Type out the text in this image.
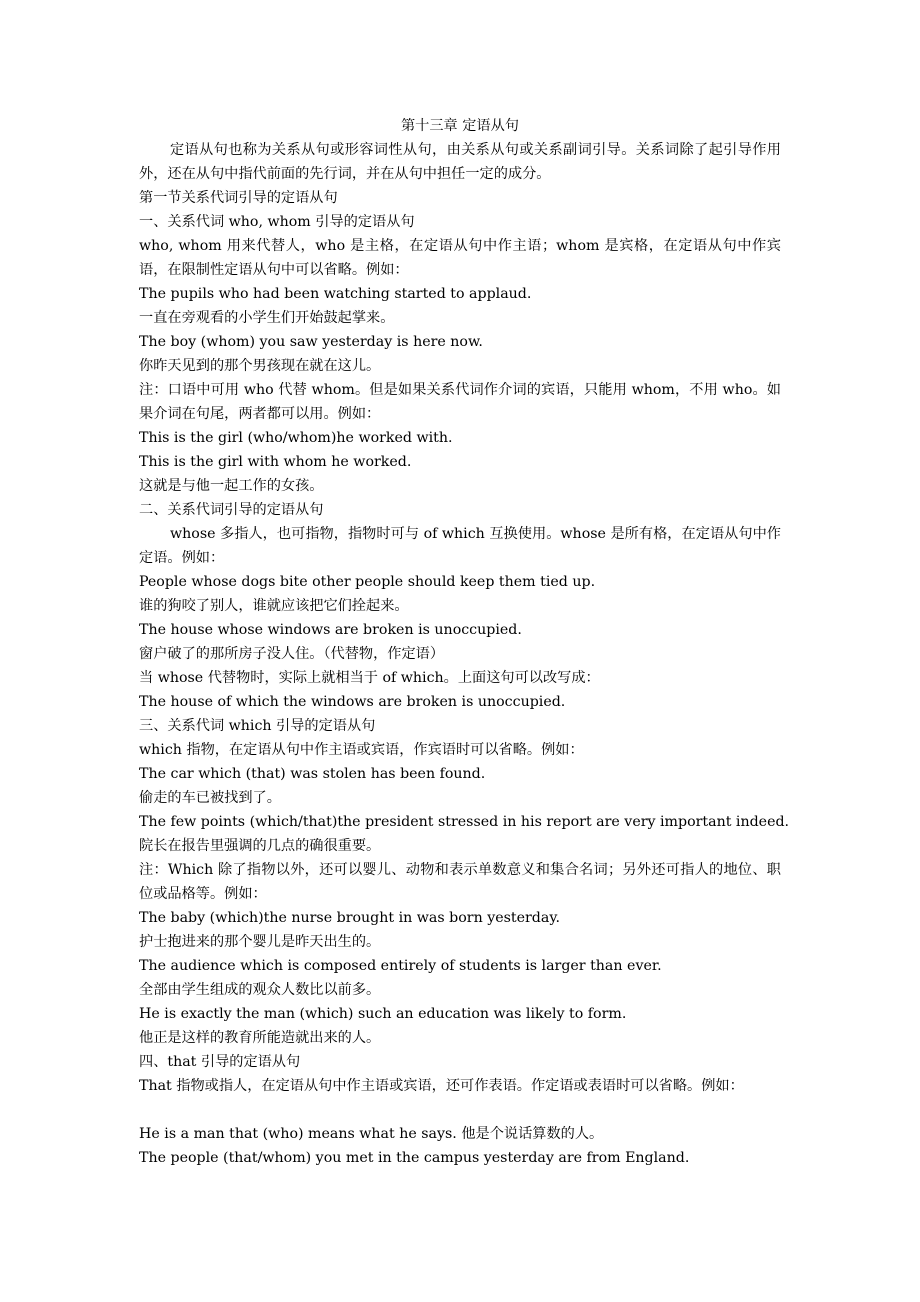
第十三章 定语从句
定语从句也称为关系从句或形容词性从句，由关系从句或关系副词引导。关系词除了起引导作用外，还在从句中指代前面的先行词，并在从句中担任一定的成分。
第一节关系代词引导的定语从句
一、关系代词 who, whom 引导的定语从句
who, whom 用来代替人，who 是主格，在定语从句中作主语；whom 是宾格，在定语从句中作宾语，在限制性定语从句中可以省略。例如：
The pupils who had been watching started to applaud.
一直在旁观看的小学生们开始鼓起掌来。
The boy (whom) you saw yesterday is here now.
你昨天见到的那个男孩现在就在这儿。
注：口语中可用 who 代替 whom。但是如果关系代词作介词的宾语，只能用 whom，不用 who。如果介词在句尾，两者都可以用。例如：
This is the girl (who/whom)he worked with.
This is the girl with whom he worked.
这就是与他一起工作的女孩。
二、关系代词引导的定语从句
whose 多指人，也可指物，指物时可与 of which 互换使用。whose 是所有格，在定语从句中作定语。例如：
People whose dogs bite other people should keep them tied up.
谁的狗咬了别人，谁就应该把它们拴起来。
The house whose windows are broken is unoccupied.
窗户破了的那所房子没人住。（代替物，作定语）
当 whose 代替物时，实际上就相当于 of which。上面这句可以改写成：
The house of which the windows are broken is unoccupied.
三、关系代词 which 引导的定语从句
which 指物，在定语从句中作主语或宾语，作宾语时可以省略。例如：
The car which (that) was stolen has been found.
偷走的车已被找到了。
The few points (which/that)the president stressed in his report are very important indeed.
院长在报告里强调的几点的确很重要。
注：Which 除了指物以外，还可以婴儿、动物和表示单数意义和集合名词；另外还可指人的地位、职位或品格等。例如：
The baby (which)the nurse brought in was born yesterday.
护士抱进来的那个婴儿是昨天出生的。
The audience which is composed entirely of students is larger than ever.
全部由学生组成的观众人数比以前多。
He is exactly the man (which) such an education was likely to form.
他正是这样的教育所能造就出来的人。
四、that 引导的定语从句
That 指物或指人，在定语从句中作主语或宾语，还可作表语。作定语或表语时可以省略。例如：
He is a man that (who) means what he says. 他是个说话算数的人。
The people (that/whom) you met in the campus yesterday are from England.
